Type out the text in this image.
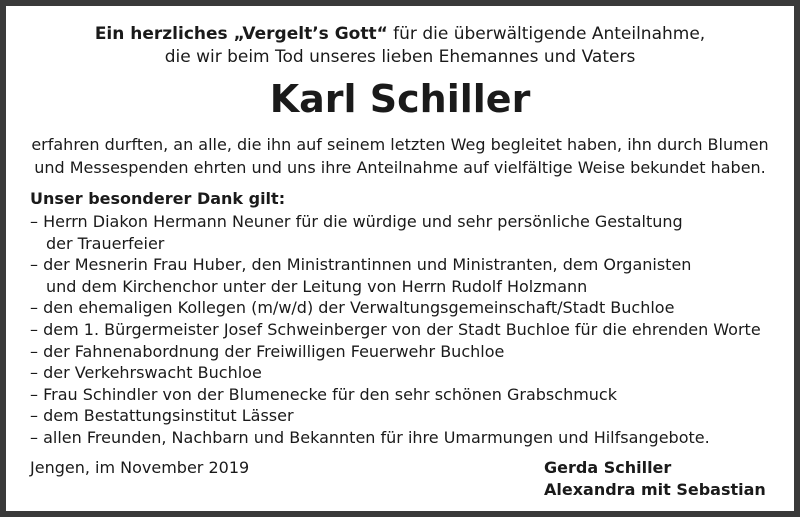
Ein herzliches „Vergelt’s Gott“ für die überwältigende Anteilnahme,
die wir beim Tod unseres lieben Ehemannes und Vaters
Karl Schiller
erfahren durften, an alle, die ihn auf seinem letzten Weg begleitet haben, ihn durch Blumen
und Messespenden ehrten und uns ihre Anteilnahme auf vielfältige Weise bekundet haben.
Unser besonderer Dank gilt:
– Herrn Diakon Hermann Neuner für die würdige und sehr persönliche Gestaltung
der Trauerfeier
– der Mesnerin Frau Huber, den Ministrantinnen und Ministranten, dem Organisten
und dem Kirchenchor unter der Leitung von Herrn Rudolf Holzmann
– den ehemaligen Kollegen (m/w/d) der Verwaltungsgemeinschaft/Stadt Buchloe
– dem 1. Bürgermeister Josef Schweinberger von der Stadt Buchloe für die ehrenden Worte
– der Fahnenabordnung der Freiwilligen Feuerwehr Buchloe
– der Verkehrswacht Buchloe
– Frau Schindler von der Blumenecke für den sehr schönen Grabschmuck
– dem Bestattungsinstitut Lässer
– allen Freunden, Nachbarn und Bekannten für ihre Umarmungen und Hilfsangebote.
Jengen, im November 2019	Gerda Schiller
Alexandra mit Sebastian
